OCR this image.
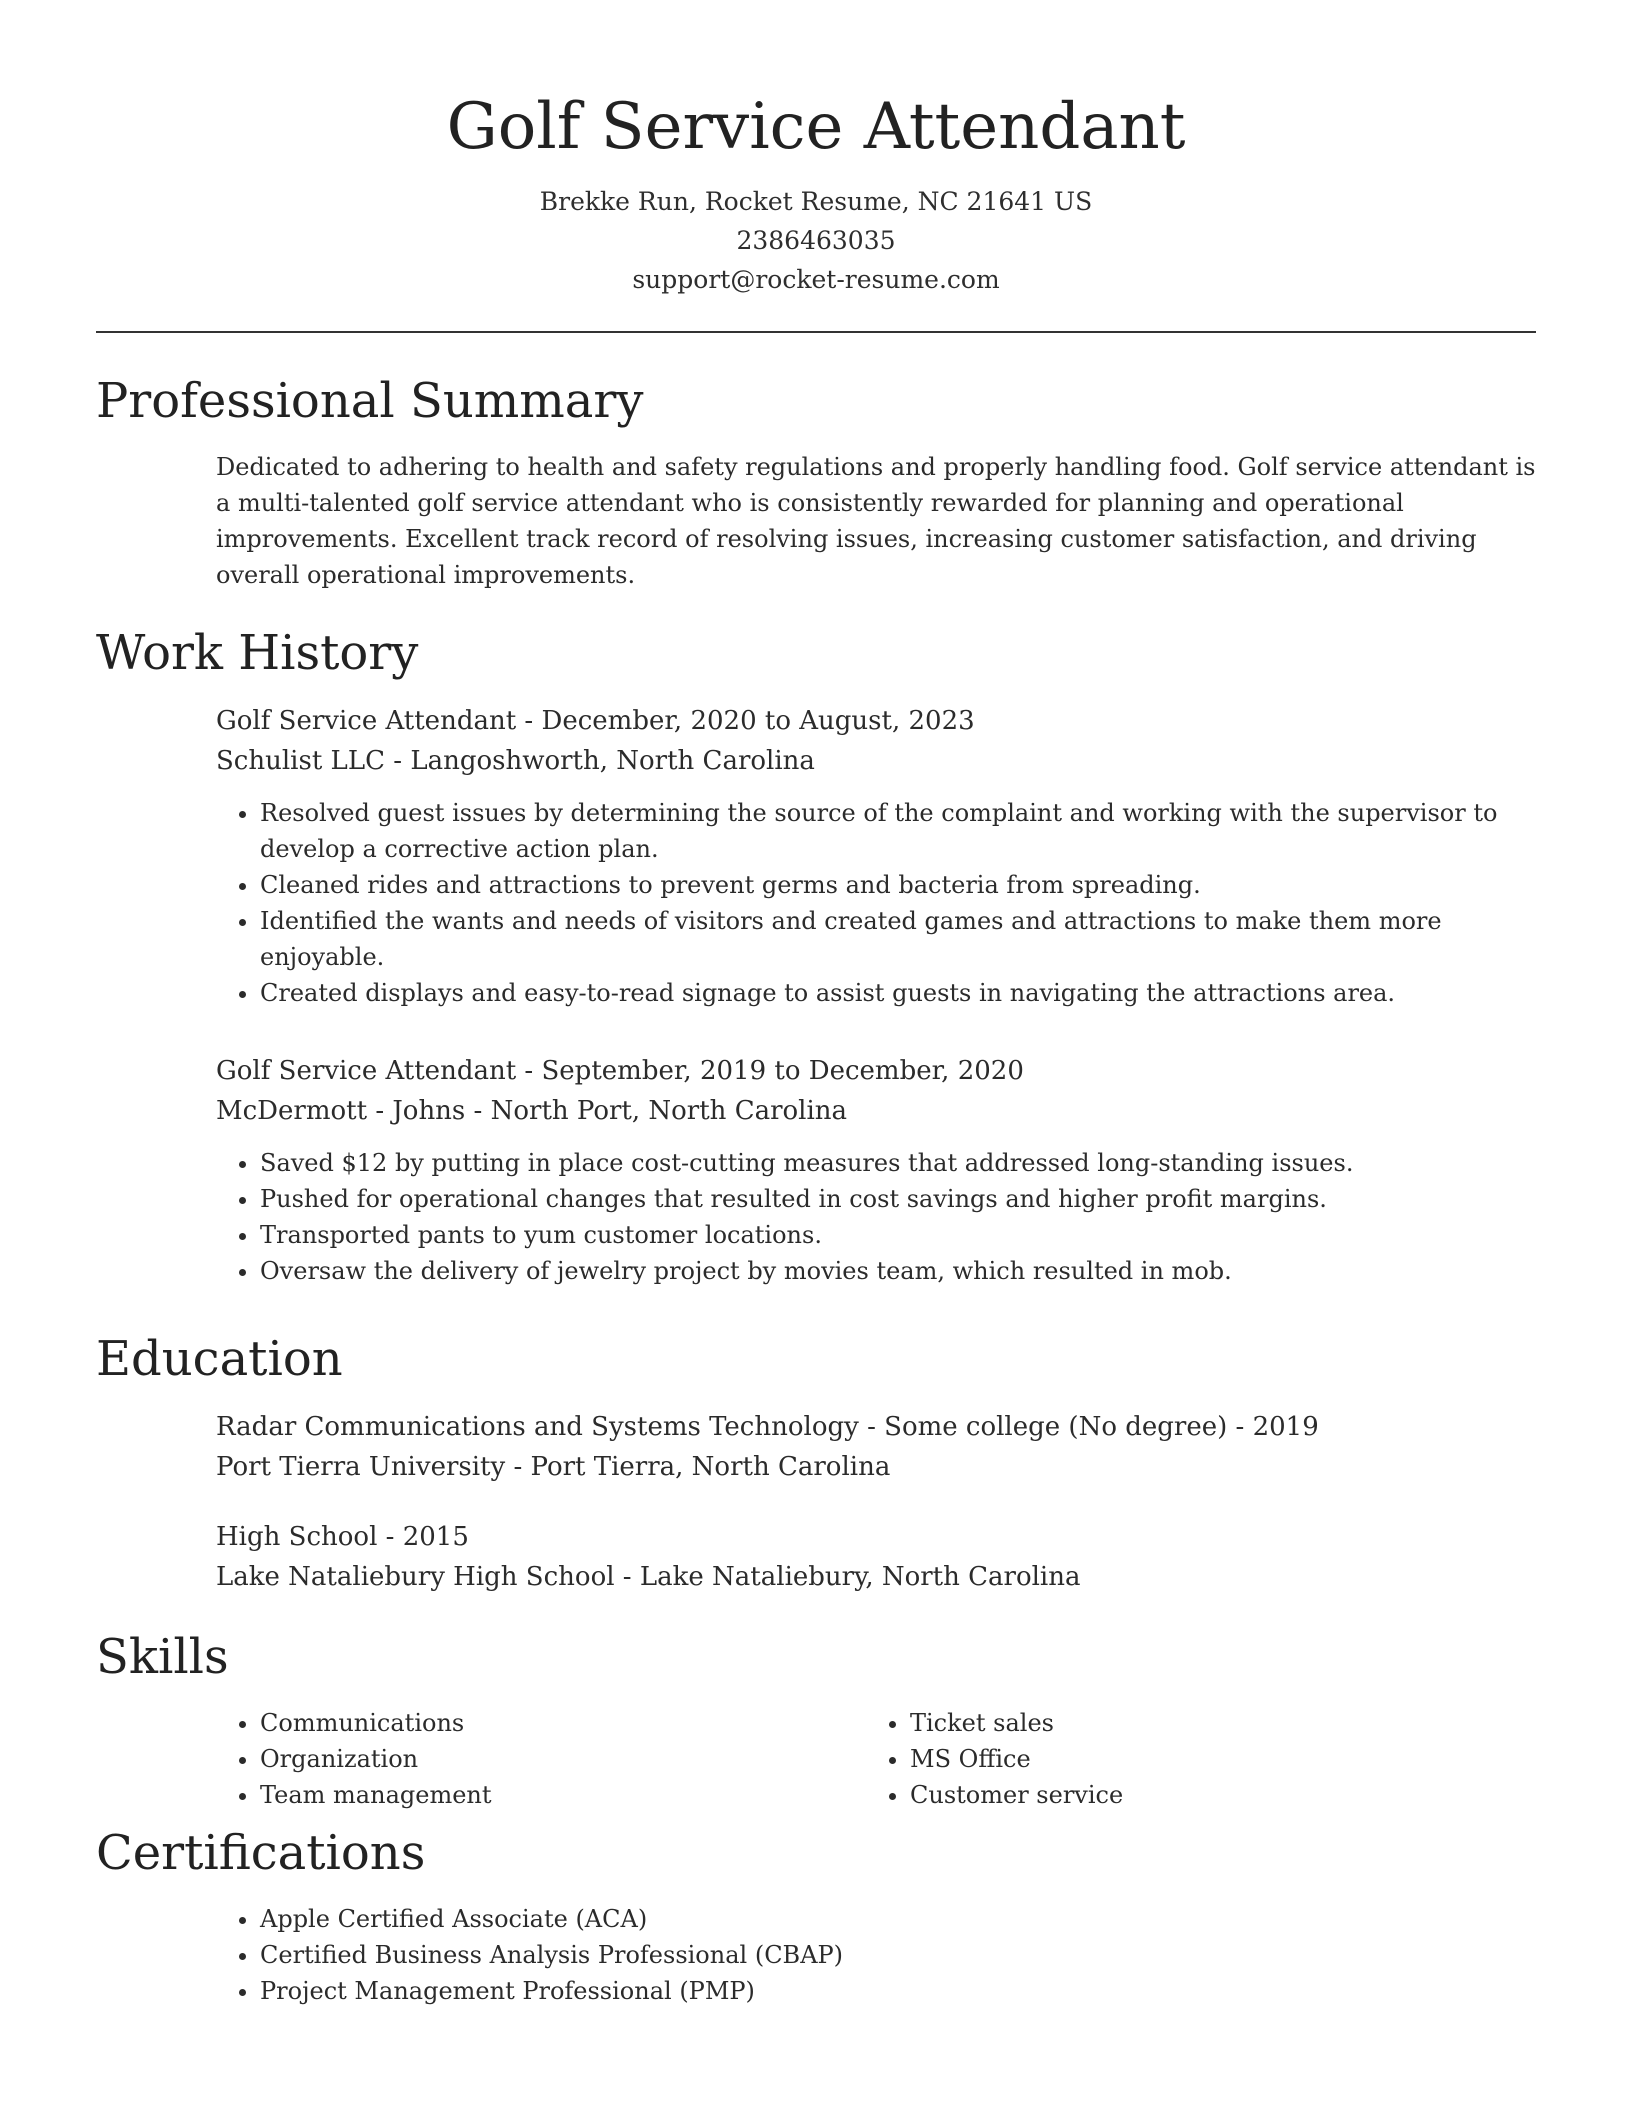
Golf Service Attendant
Brekke Run, Rocket Resume, NC 21641 US
2386463035
support@rocket-resume.com
Professional Summary

Dedicated to adhering to health and safety regulations and properly handling food. Golf service attendant is a multi-talented golf service attendant who is consistently rewarded for planning and operational improvements. Excellent track record of resolving issues, increasing customer satisfaction, and driving overall operational improvements.

Work History
Golf Service Attendant - December, 2020 to August, 2023
Schulist LLC - Langoshworth, North Carolina
• Resolved guest issues by determining the source of the complaint and working with the supervisor to develop a corrective action plan.
• Cleaned rides and attractions to prevent germs and bacteria from spreading.
• Identified the wants and needs of visitors and created games and attractions to make them more enjoyable.
• Created displays and easy-to-read signage to assist guests in navigating the attractions area.
Golf Service Attendant - September, 2019 to December, 2020
McDermott - Johns - North Port, North Carolina
• Saved $12 by putting in place cost-cutting measures that addressed long-standing issues.
• Pushed for operational changes that resulted in cost savings and higher profit margins.
• Transported pants to yum customer locations.
• Oversaw the delivery of jewelry project by movies team, which resulted in mob.
Education
Radar Communications and Systems Technology - Some college (No degree) - 2019
Port Tierra University - Port Tierra, North Carolina
High School - 2015
Lake Nataliebury High School - Lake Nataliebury, North Carolina
Skills
• Communications
• Organization
• Team management
• Ticket sales
• MS Office
• Customer service
Certifications
• Apple Certified Associate (ACA)
• Certified Business Analysis Professional (CBAP)
• Project Management Professional (PMP)
